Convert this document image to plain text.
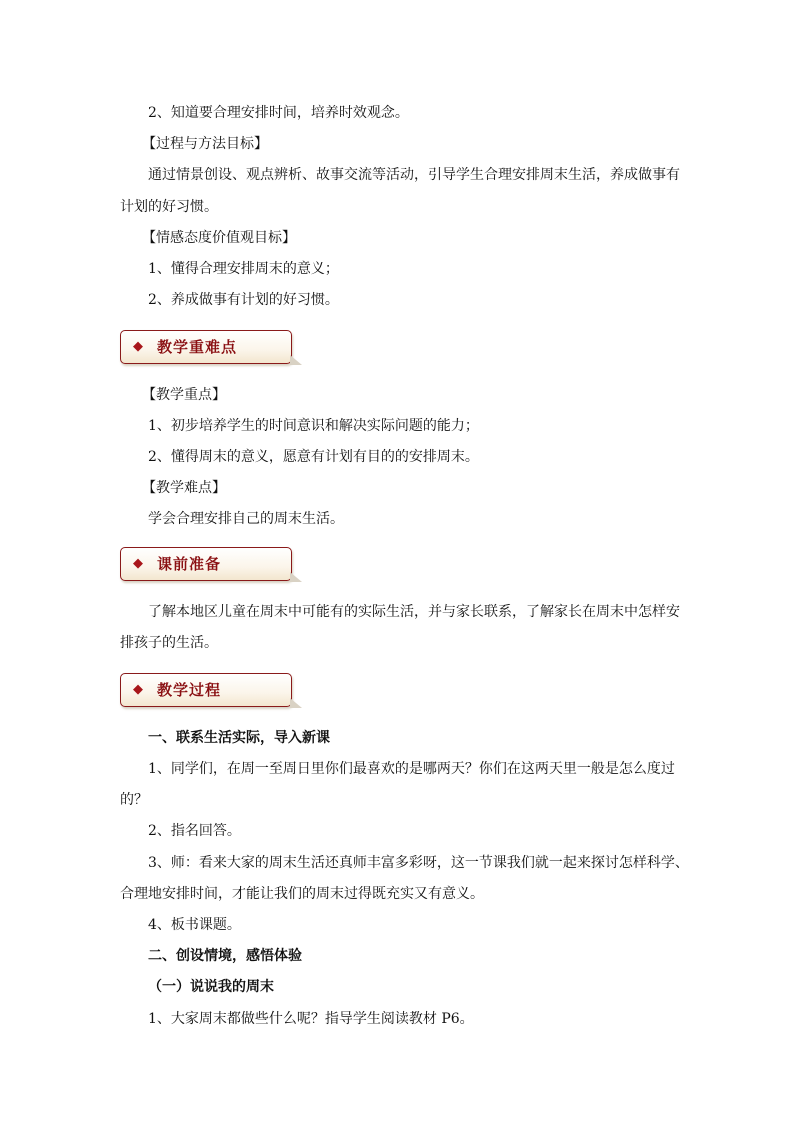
2、知道要合理安排时间，培养时效观念。
【过程与方法目标】
通过情景创设、观点辨析、故事交流等活动，引导学生合理安排周末生活，养成做事有
计划的好习惯。
【情感态度价值观目标】
1、懂得合理安排周末的意义；
2、养成做事有计划的好习惯。
◆ 教学重难点
【教学重点】
1、初步培养学生的时间意识和解决实际问题的能力；
2、懂得周末的意义，愿意有计划有目的的安排周末。
【教学难点】
学会合理安排自己的周末生活。
◆ 课前准备
了解本地区儿童在周末中可能有的实际生活，并与家长联系，了解家长在周末中怎样安
排孩子的生活。
◆ 教学过程
一、联系生活实际，导入新课
1、同学们，在周一至周日里你们最喜欢的是哪两天？你们在这两天里一般是怎么度过
的？
2、指名回答。
3、师：看来大家的周末生活还真师丰富多彩呀，这一节课我们就一起来探讨怎样科学、
合理地安排时间，才能让我们的周末过得既充实又有意义。
4、板书课题。
二、创设情境，感悟体验
（一）说说我的周末
1、大家周末都做些什么呢？指导学生阅读教材 P6。
